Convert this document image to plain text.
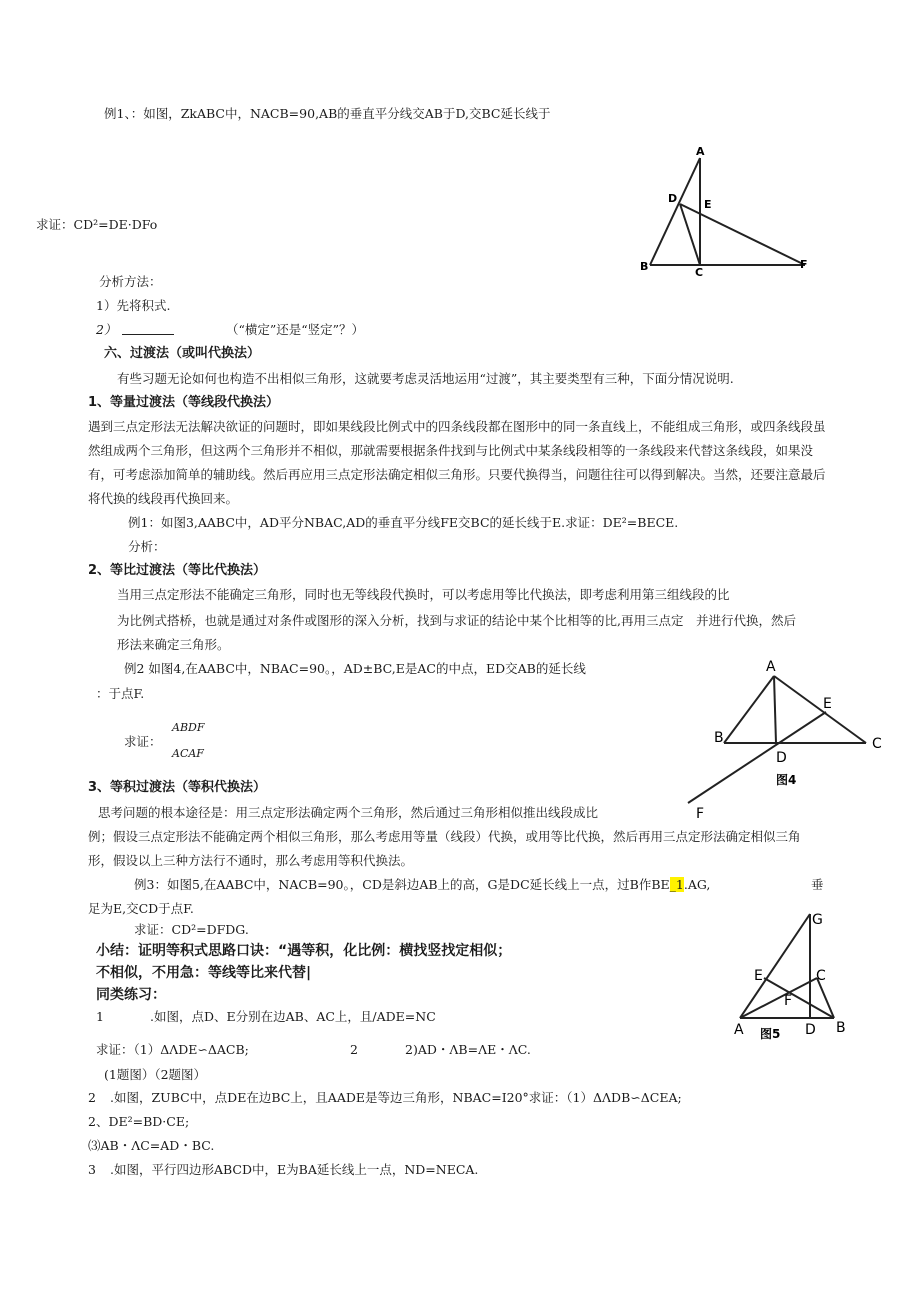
例1、：如图，ZkABC中，NACB=90,AB的垂直平分线交AB于D,交BC延长线于
A
D E
B	C
F
求证：CD²=DE·DFo
分析方法：
1）先将积式.
2）	（“横定”还是“竖定”？）
六、过渡法（或叫代换法）
有些习题无论如何也构造不出相似三角形，这就要考虑灵活地运用“过渡”，其主要类型有三种，下面分情况说明.
1、等量过渡法（等线段代换法）
遇到三点定形法无法解决欲证的问题时，即如果线段比例式中的四条线段都在图形中的同一条直线上，不能组成三角形，或四条线段虽
然组成两个三角形，但这两个三角形并不相似，那就需要根据条件找到与比例式中某条线段相等的一条线段来代替这条线段，如果没
有，可考虑添加简单的辅助线。然后再应用三点定形法确定相似三角形。只要代换得当，问题往往可以得到解决。当然，还要注意最后
将代换的线段再代换回来。
例1：如图3,AABC中，AD平分NBAC,AD的垂直平分线FE交BC的延长线于E.求证：DE²=BECE.
分析：
2、等比过渡法（等比代换法）
当用三点定形法不能确定三角形，同时也无等线段代换时，可以考虑用等比代换法，即考虑利用第三组线段的比
为比例式搭桥，也就是通过对条件或图形的深入分析，找到与求证的结论中某个比相等的比,再用三点定 并进行代换，然后
形法来确定三角形。
例2 如图4,在AABC中，NBAC=90。，AD±BC,E是AC的中点，ED交AB的延长线
：于点F.
求证：
ABDF
ACAF
A
E
B
D
C
图4
F
3、等积过渡法（等积代换法）
思考问题的根本途径是：用三点定形法确定两个三角形，然后通过三角形相似推出线段成比
例；假设三点定形法不能确定两个相似三角形，那么考虑用等量（线段）代换，或用等比代换，然后再用三点定形法确定相似三角
形，假设以上三种方法行不通时，那么考虑用等积代换法。
例3：如图5,在AABC中，NACB=90。，CD是斜边AB上的高，G是DC延长线上一点，过B作BE_1.AG,	垂
足为E,交CD于点F.
求证：CD²=DFDG.
G
E	C
F
A 图5 D B
小结：证明等积式思路口诀：“遇等积，化比例：横找竖找定相似；
不相似，不用急：等线等比来代替|
同类练习：
1	.如图，点D、E分别在边AB、AC上，且/ADE=NC
求证：（1）ΔΛDE∽ΔACB;	2	2)AD・ΛB=ΛE・ΛC.
(1题图）（2题图）
2 .如图，ZUBC中，点DE在边BC上，且AADE是等边三角形，NBAC=I20°求证：（1）ΔΛDB∽ΔCEA;
2、DE²=BD·CE;
⑶AB・ΛC=AD・BC.
3 .如图，平行四边形ABCD中，E为BA延长线上一点，ND=NECA.
